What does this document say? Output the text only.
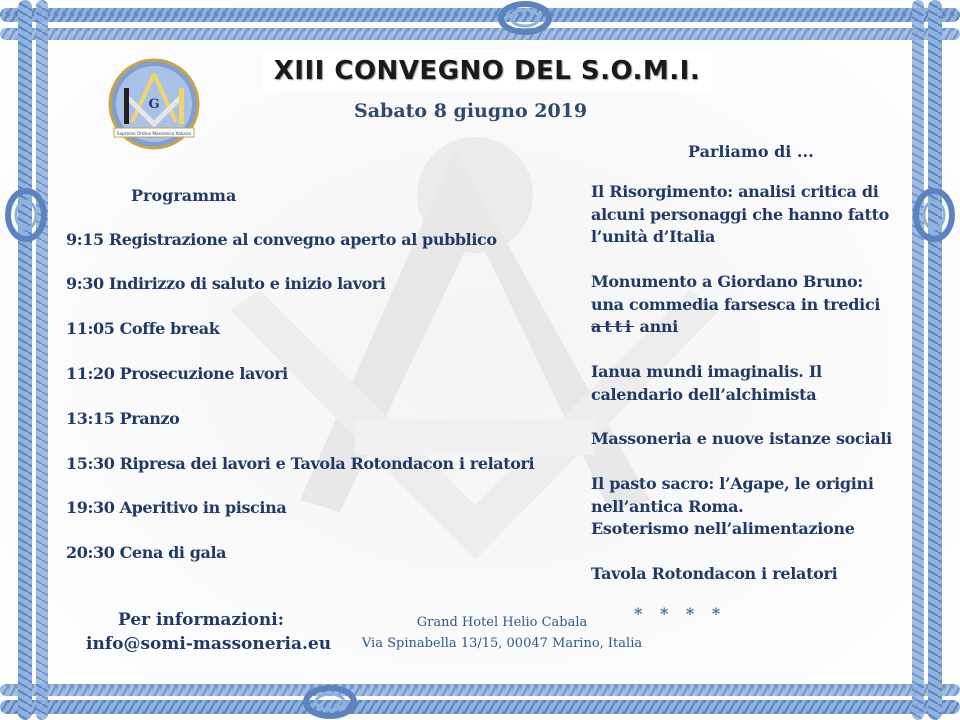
G
Supremo Ordine Massonico Italiano
XIII CONVEGNO DEL S.O.M.I.
Sabato 8 giugno 2019
Programma
Parliamo di ...
9:15 Registrazione al convegno aperto al pubblico
9:30 Indirizzo di saluto e inizio lavori
11:05 Coffe break
11:20 Prosecuzione lavori
13:15 Pranzo
15:30 Ripresa dei lavori e Tavola Rotondacon i relatori
19:30 Aperitivo in piscina
20:30 Cena di gala
Il Risorgimento: analisi critica di
alcuni personaggi che hanno fatto
l’unità d’Italia
Monumento a Giordano Bruno:
una commedia farsesca in tredici
atti anni
Ianua mundi imaginalis. Il
calendario dell’alchimista
Massoneria e nuove istanze sociali
Il pasto sacro: l’Agape, le origini
nell’antica Roma.
Esoterismo nell’alimentazione
Tavola Rotondacon i relatori
Per informazioni:
info@somi-massoneria.eu
Grand Hotel Helio Cabala
Via Spinabella 13/15, 00047 Marino, Italia
* * * *
